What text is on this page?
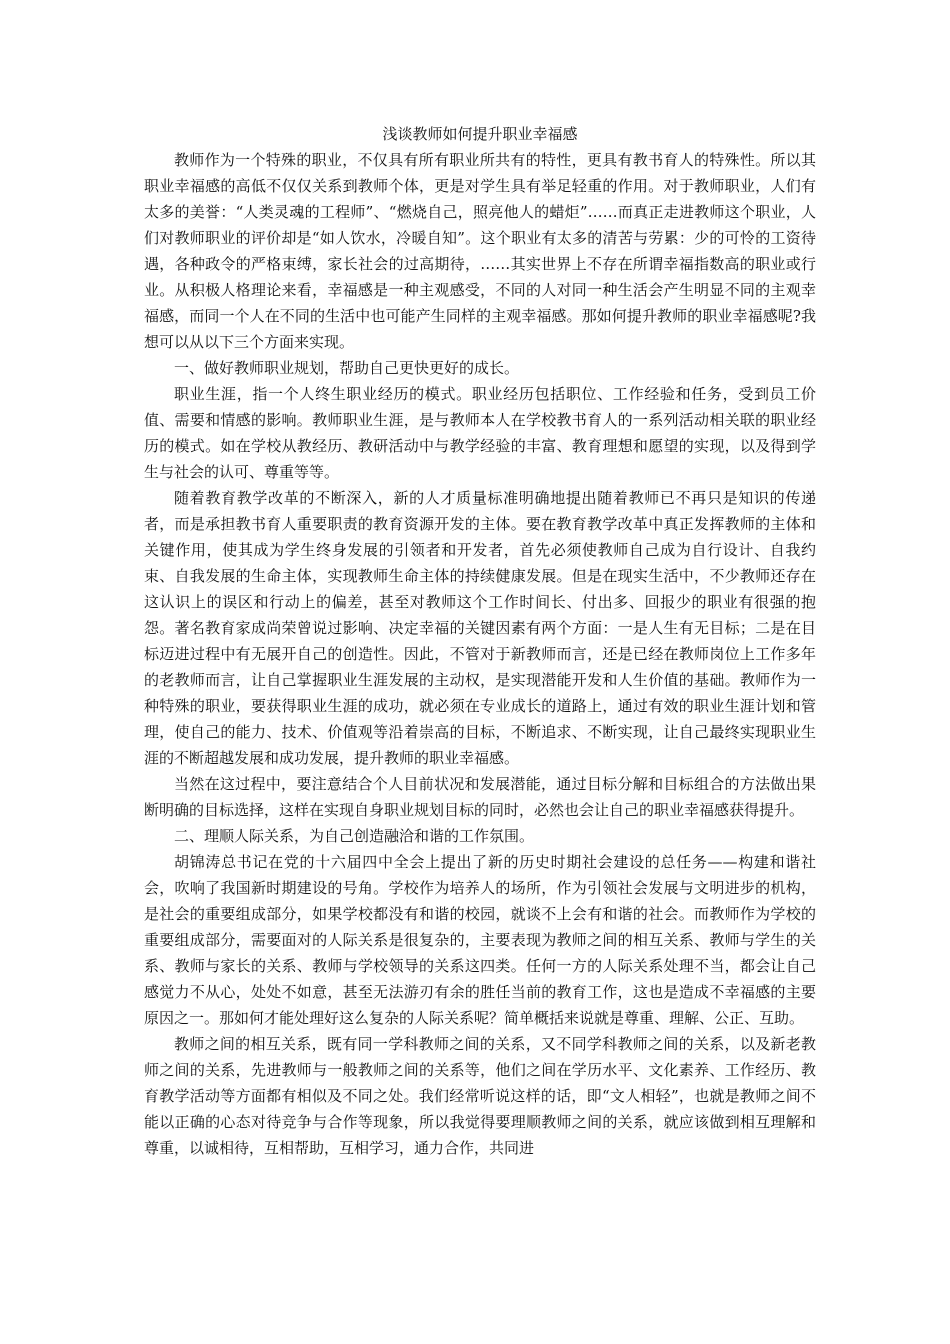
浅谈教师如何提升职业幸福感

教师作为一个特殊的职业，不仅具有所有职业所共有的特性，更具有教书育人的特殊性。所以其职业幸福感的高低不仅仅关系到教师个体，更是对学生具有举足轻重的作用。对于教师职业，人们有太多的美誉：“人类灵魂的工程师”、“燃烧自己，照亮他人的蜡炬”……而真正走进教师这个职业，人们对教师职业的评价却是“如人饮水，冷暖自知”。这个职业有太多的清苦与劳累：少的可怜的工资待遇，各种政令的严格束缚，家长社会的过高期待，……其实世界上不存在所谓幸福指数高的职业或行业。从积极人格理论来看，幸福感是一种主观感受，不同的人对同一种生活会产生明显不同的主观幸福感，而同一个人在不同的生活中也可能产生同样的主观幸福感。那如何提升教师的职业幸福感呢?我想可以从以下三个方面来实现。

一、做好教师职业规划，帮助自己更快更好的成长。

职业生涯，指一个人终生职业经历的模式。职业经历包括职位、工作经验和任务，受到员工价值、需要和情感的影响。教师职业生涯，是与教师本人在学校教书育人的一系列活动相关联的职业经历的模式。如在学校从教经历、教研活动中与教学经验的丰富、教育理想和愿望的实现，以及得到学生与社会的认可、尊重等等。

随着教育教学改革的不断深入，新的人才质量标准明确地提出随着教师已不再只是知识的传递者，而是承担教书育人重要职责的教育资源开发的主体。要在教育教学改革中真正发挥教师的主体和关键作用，使其成为学生终身发展的引领者和开发者，首先必须使教师自己成为自行设计、自我约束、自我发展的生命主体，实现教师生命主体的持续健康发展。但是在现实生活中，不少教师还存在这认识上的误区和行动上的偏差，甚至对教师这个工作时间长、付出多、回报少的职业有很强的抱怨。著名教育家成尚荣曾说过影响、决定幸福的关键因素有两个方面：一是人生有无目标；二是在目标迈进过程中有无展开自己的创造性。因此，不管对于新教师而言，还是已经在教师岗位上工作多年的老教师而言，让自己掌握职业生涯发展的主动权，是实现潜能开发和人生价值的基础。教师作为一种特殊的职业，要获得职业生涯的成功，就必须在专业成长的道路上，通过有效的职业生涯计划和管理，使自己的能力、技术、价值观等沿着崇高的目标，不断追求、不断实现，让自己最终实现职业生涯的不断超越发展和成功发展，提升教师的职业幸福感。

当然在这过程中，要注意结合个人目前状况和发展潜能，通过目标分解和目标组合的方法做出果断明确的目标选择，这样在实现自身职业规划目标的同时，必然也会让自己的职业幸福感获得提升。

二、理顺人际关系，为自己创造融洽和谐的工作氛围。

胡锦涛总书记在党的十六届四中全会上提出了新的历史时期社会建设的总任务——构建和谐社会，吹响了我国新时期建设的号角。学校作为培养人的场所，作为引领社会发展与文明进步的机构，是社会的重要组成部分，如果学校都没有和谐的校园，就谈不上会有和谐的社会。而教师作为学校的重要组成部分，需要面对的人际关系是很复杂的，主要表现为教师之间的相互关系、教师与学生的关系、教师与家长的关系、教师与学校领导的关系这四类。任何一方的人际关系处理不当，都会让自己感觉力不从心，处处不如意，甚至无法游刃有余的胜任当前的教育工作，这也是造成不幸福感的主要原因之一。那如何才能处理好这么复杂的人际关系呢？简单概括来说就是尊重、理解、公正、互助。

教师之间的相互关系，既有同一学科教师之间的关系，又不同学科教师之间的关系，以及新老教师之间的关系，先进教师与一般教师之间的关系等，他们之间在学历水平、文化素养、工作经历、教育教学活动等方面都有相似及不同之处。我们经常听说这样的话，即“文人相轻”，也就是教师之间不能以正确的心态对待竞争与合作等现象，所以我觉得要理顺教师之间的关系，就应该做到相互理解和尊重，以诚相待，互相帮助，互相学习，通力合作，共同进
